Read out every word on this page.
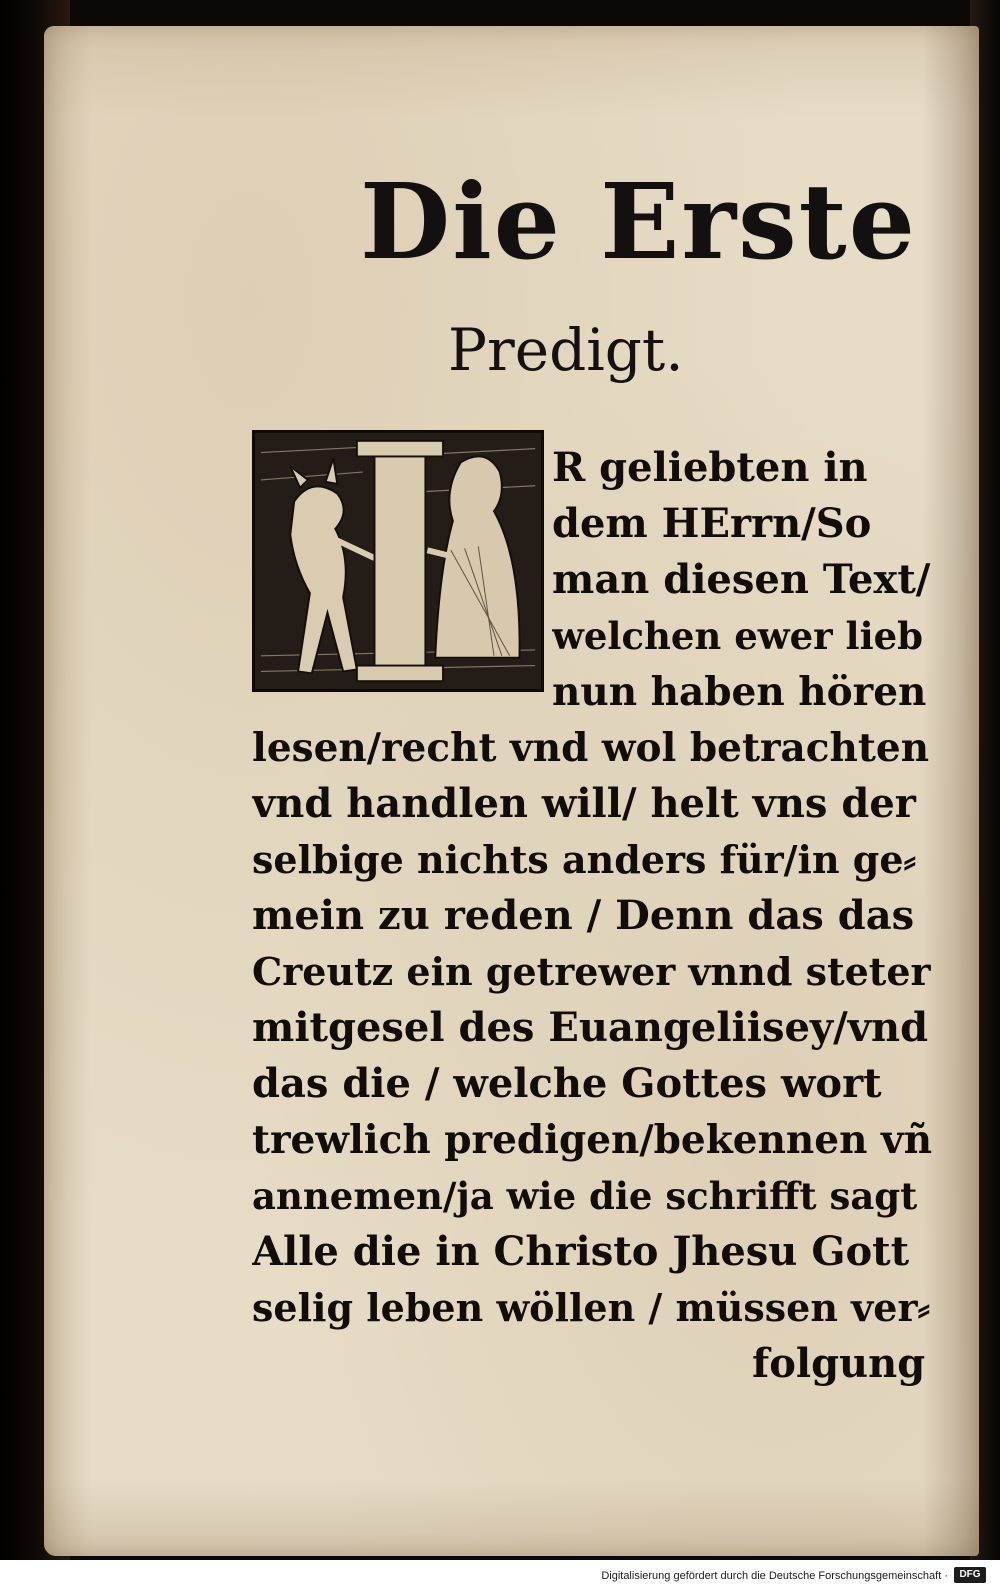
Die Erste
Predigt.
R geliebten in
dem HErrn/So
man diesen Text/
welchen ewer lieb
nun haben hören
lesen/recht vnd wol betrachten
vnd handlen will/ helt vns der
selbige nichts anders für/in ge⸗
mein zu reden / Denn das das
Creutz ein getrewer vnnd steter
mitgesel des Euangeliisey/vnd
das die / welche Gottes wort
trewlich predigen/bekennen vñ
annemen/ja wie die schrifft sagt
Alle die in Christo Jhesu Gott
selig leben wöllen / müssen ver⸗
folgung
Digitalisierung gefördert durch die Deutsche Forschungsgemeinschaft ·	DFG
